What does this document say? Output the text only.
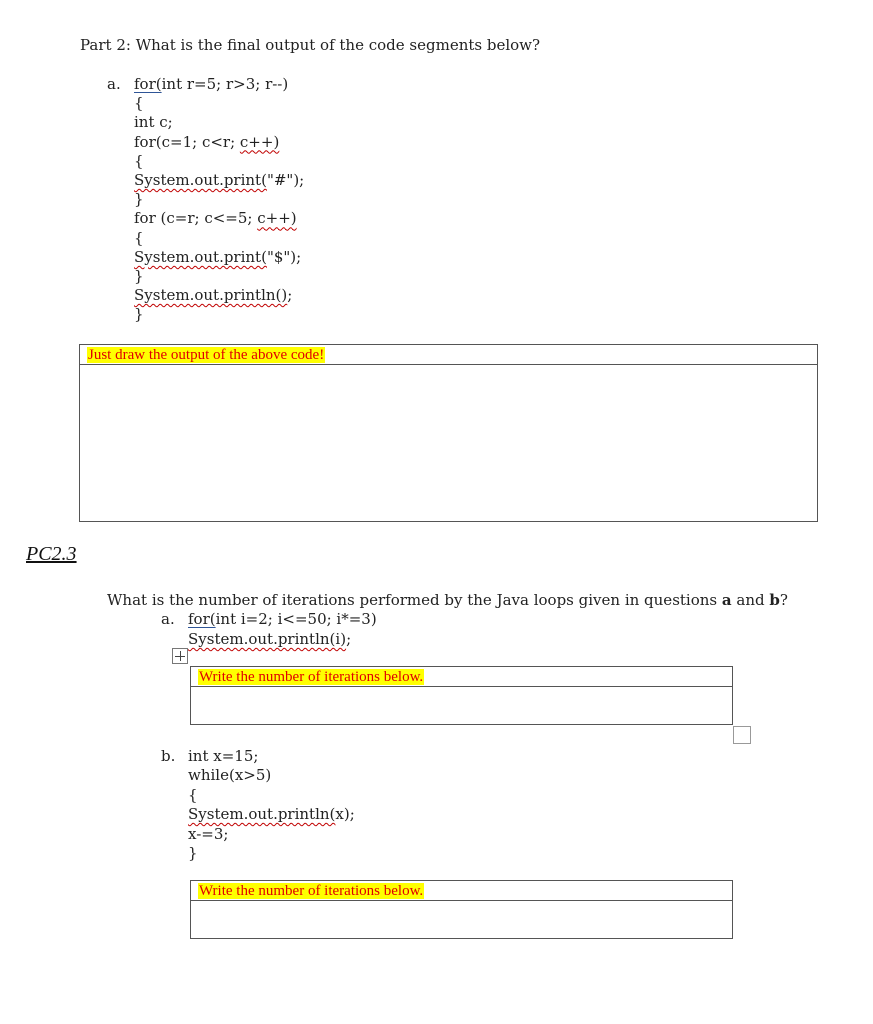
Part 2: What is the final output of the code segments below?
a. for(int r=5; r>3; r--)
{
int c;
for(c=1; c<r; c++)
{
System.out.print("#");
}
for (c=r; c<=5; c++)
{
System.out.print("$");
}
System.out.println();
}
Just draw the output of the above code!
PC2.3
What is the number of iterations performed by the Java loops given in questions a and b?
a. for(int i=2; i<=50; i*=3)
System.out.println(i);
Write the number of iterations below.
b. int x=15;
while(x>5)
{
System.out.println(x);
x-=3;
}
Write the number of iterations below.
